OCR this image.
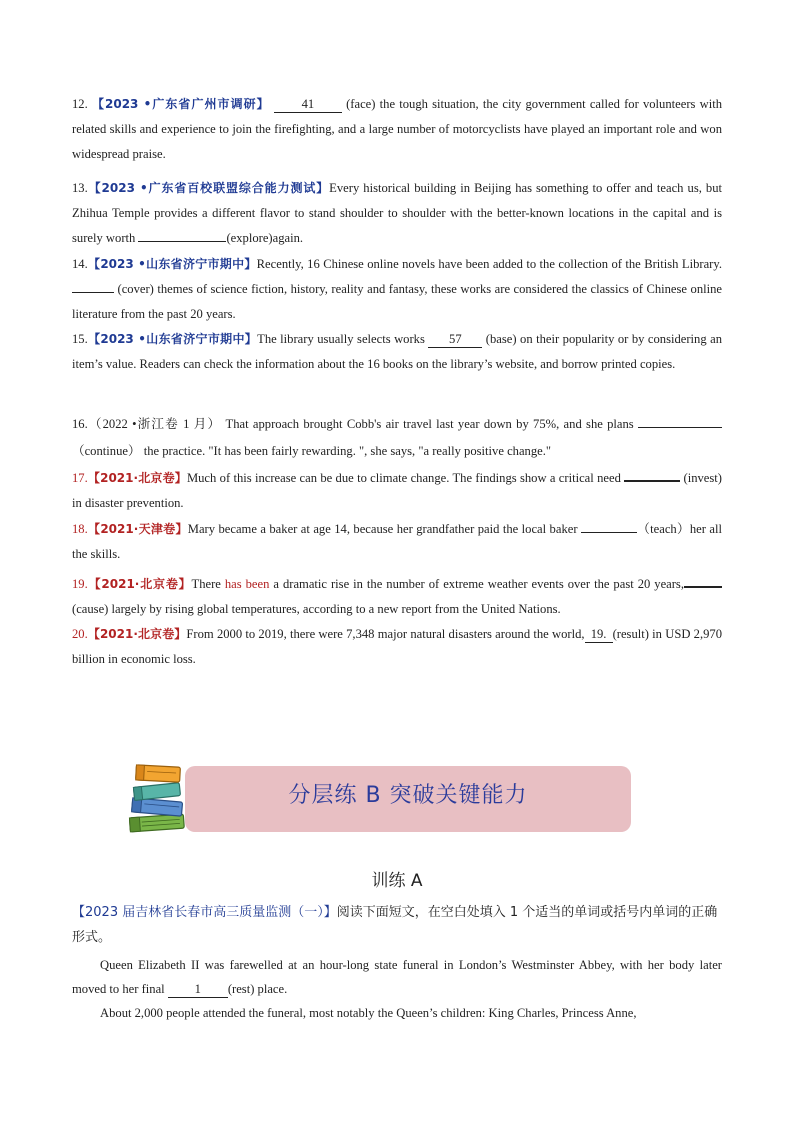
12. 【2023 •广东省广州市调研】	41 (face) the tough situation, the city government called for volunteers with related skills and experience to join the firefighting, and a large number of motorcyclists have played an important role and won widespread praise.
13.【2023 •广东省百校联盟综合能力测试】Every historical building in Beijing has something to offer and teach us, but Zhihua Temple provides a different flavor to stand shoulder to shoulder with the better-known locations in the capital and is surely worth	(explore)again.
14.【2023 •山东省济宁市期中】Recently, 16 Chinese online novels have been added to the collection of the British Library.  (cover) themes of science fiction, history, reality and fantasy, these works are considered the classics of Chinese online literature from the past 20 years.
15.【2023 •山东省济宁市期中】The library usually selects works 57 (base) on their popularity or by considering an item’s value. Readers can check the information about the 16 books on the library’s website, and borrow printed copies.
16.（2022 •浙江卷 1 月） That approach brought Cobb's air travel last year down by 75%, and she plans （continue） the practice. "It has been fairly rewarding. ", she says, "a really positive change."
17.【2021·北京卷】Much of this increase can be due to climate change. The findings show a critical need	(invest) in disaster prevention.
18.【2021·天津卷】Mary became a baker at age 14, because her grandfather paid the local baker	（teach）her all the skills.
19.【2021·北京卷】There has been a dramatic rise in the number of extreme weather events over the past 20 years,(cause) largely by rising global temperatures, according to a new report from the United Nations.
20.【2021·北京卷】From 2000 to 2019, there were 7,348 major natural disasters around the world, 19. (result) in USD 2,970 billion in economic loss.
分层练 B 突破关键能力
训练 A
【2023 届吉林省长春市高三质量监测（一）】阅读下面短文，在空白处填入 1 个适当的单词或括号内单词的正确形式。
Queen Elizabeth II was farewelled at an hour-long state funeral in London’s Westminster Abbey, with her body later moved to her final 1 (rest) place.
About 2,000 people attended the funeral, most notably the Queen’s children: King Charles, Princess Anne,
